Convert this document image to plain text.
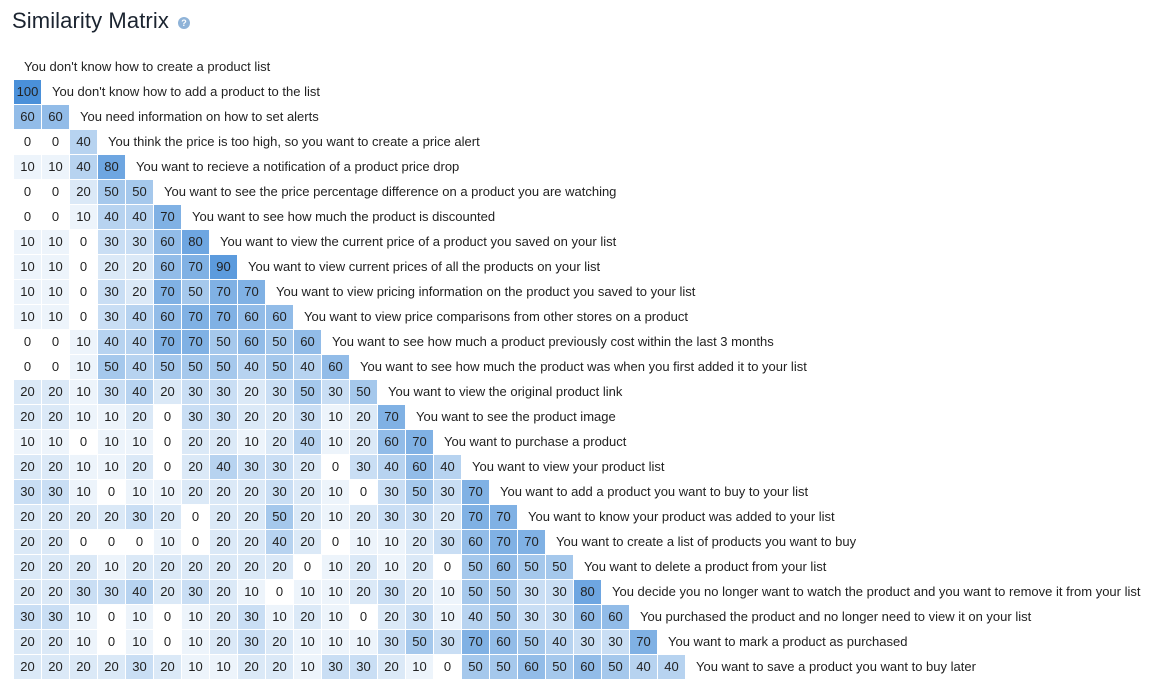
Similarity Matrix	?
You don't know how to create a product list
100 You don't know how to add a product to the list
60	60	You need information on how to set alerts
0	0	40	You think the price is too high, so you want to create a price alert
10	10	40	80	You want to recieve a notification of a product price drop
0	0	20	50	50	You want to see the price percentage difference on a product you are watching
0	0	10	40	40	70	You want to see how much the product is discounted
10	10	0	30	30	60	80	You want to view the current price of a product you saved on your list
10	10	0	20	20	60	70	90	You want to view current prices of all the products on your list
10	10	0	30	20	70	50	70	70	You want to view pricing information on the product you saved to your list
10	10	0	30	40	60	70	70	60	60	You want to view price comparisons from other stores on a product
0	0	10	40	40	70	70	50	60	50	60	You want to see how much a product previously cost within the last 3 months
0	0	10	50	40	50	50	50	40	50	40	60	You want to see how much the product was when you first added it to your list
20	20	10	30	40	20	30	30	20	30	50	30	50	You want to view the original product link
20	20	10	10	20	0	30	30	20	20	30	10	20	70	You want to see the product image
10	10	0	10	10	0	20	20	10	20	40	10	20	60	70	You want to purchase a product
20	20	10	10	20	0	20	40	30	30	20	0	30	40	60	40	You want to view your product list
30	30	10	0	10	10	20	20	20	30	20	10	0	30	50	30	70	You want to add a product you want to buy to your list
20	20	20	20	30	20	0	20	20	50	20	10	20	30	30	20	70	70	You want to know your product was added to your list
20	20	0	0	0	10	0	20	20	40	20	0	10	10	20	30	60	70	70	You want to create a list of products you want to buy
20	20	20	10	20	20	20	20	20	20	0	10	20	10	20	0	50	60	50	50	You want to delete a product from your list
20	20	30	30	40	20	30	20	10	0	10	10	20	30	20	10	50	50	30	30	80	You decide you no longer want to watch the product and you want to remove it from your list
30	30	10	0	10	0	10	20	30	10	20	10	0	20	30	10	40	50	30	30	60	60	You purchased the product and no longer need to view it on your list
20	20	10	0	10	0	10	20	30	20	10	10	10	30	50	30	70	60	50	40	30	30	70	You want to mark a product as purchased
20	20	20	20	30	20	10	10	20	20	10	30	30	20	10	0	50	50	60	50	60	50	40	40	You want to save a product you want to buy later
